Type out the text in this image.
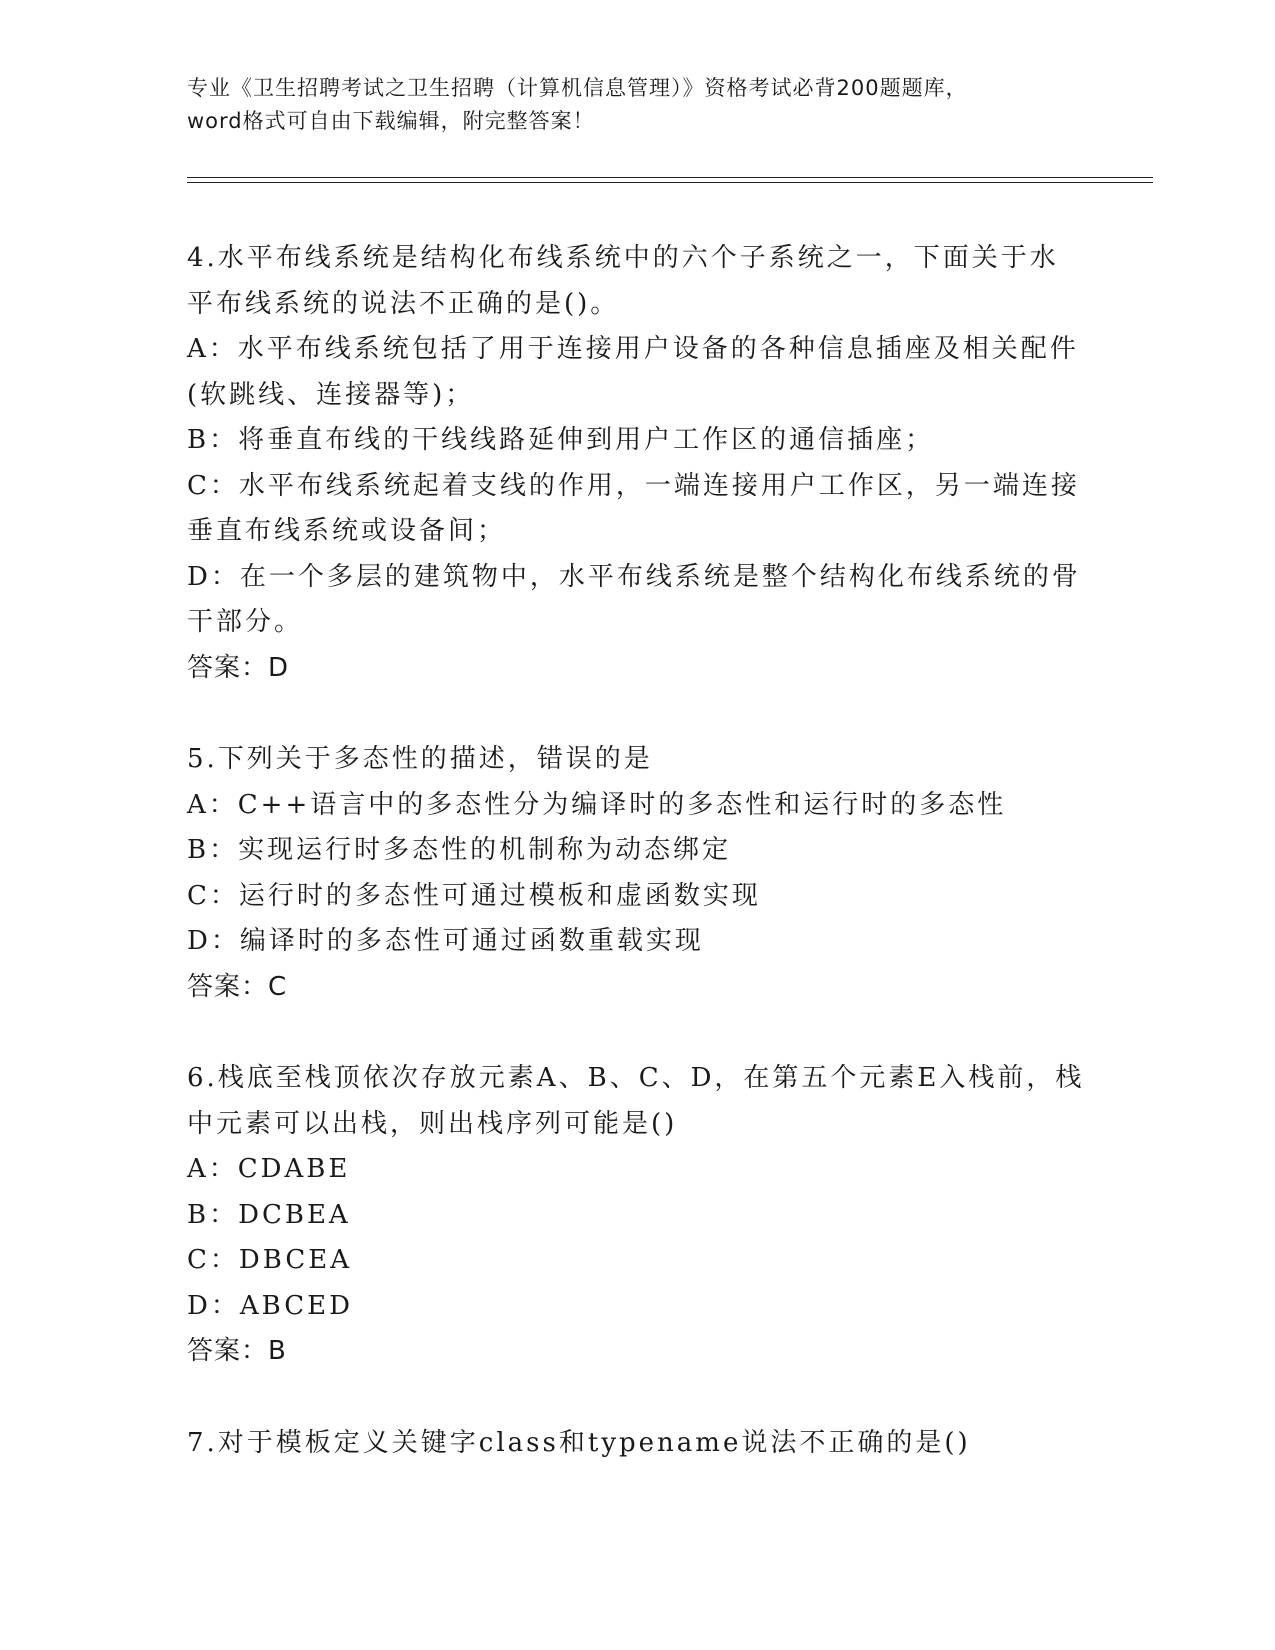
专业《卫生招聘考试之卫生招聘（计算机信息管理）》资格考试必背200题题库，
word格式可自由下载编辑，附完整答案！
4.水平布线系统是结构化布线系统中的六个子系统之一，下面关于水
平布线系统的说法不正确的是()。
A：水平布线系统包括了用于连接用户设备的各种信息插座及相关配件
(软跳线、连接器等)；
B：将垂直布线的干线线路延伸到用户工作区的通信插座；
C：水平布线系统起着支线的作用，一端连接用户工作区，另一端连接
垂直布线系统或设备间；
D：在一个多层的建筑物中，水平布线系统是整个结构化布线系统的骨
干部分。
答案：D
5.下列关于多态性的描述，错误的是
A：C++语言中的多态性分为编译时的多态性和运行时的多态性
B：实现运行时多态性的机制称为动态绑定
C：运行时的多态性可通过模板和虚函数实现
D：编译时的多态性可通过函数重载实现
答案：C
6.栈底至栈顶依次存放元素A、B、C、D，在第五个元素E入栈前，栈
中元素可以出栈，则出栈序列可能是()
A：CDABE
B：DCBEA
C：DBCEA
D：ABCED
答案：B
7.对于模板定义关键字class和typename说法不正确的是()
